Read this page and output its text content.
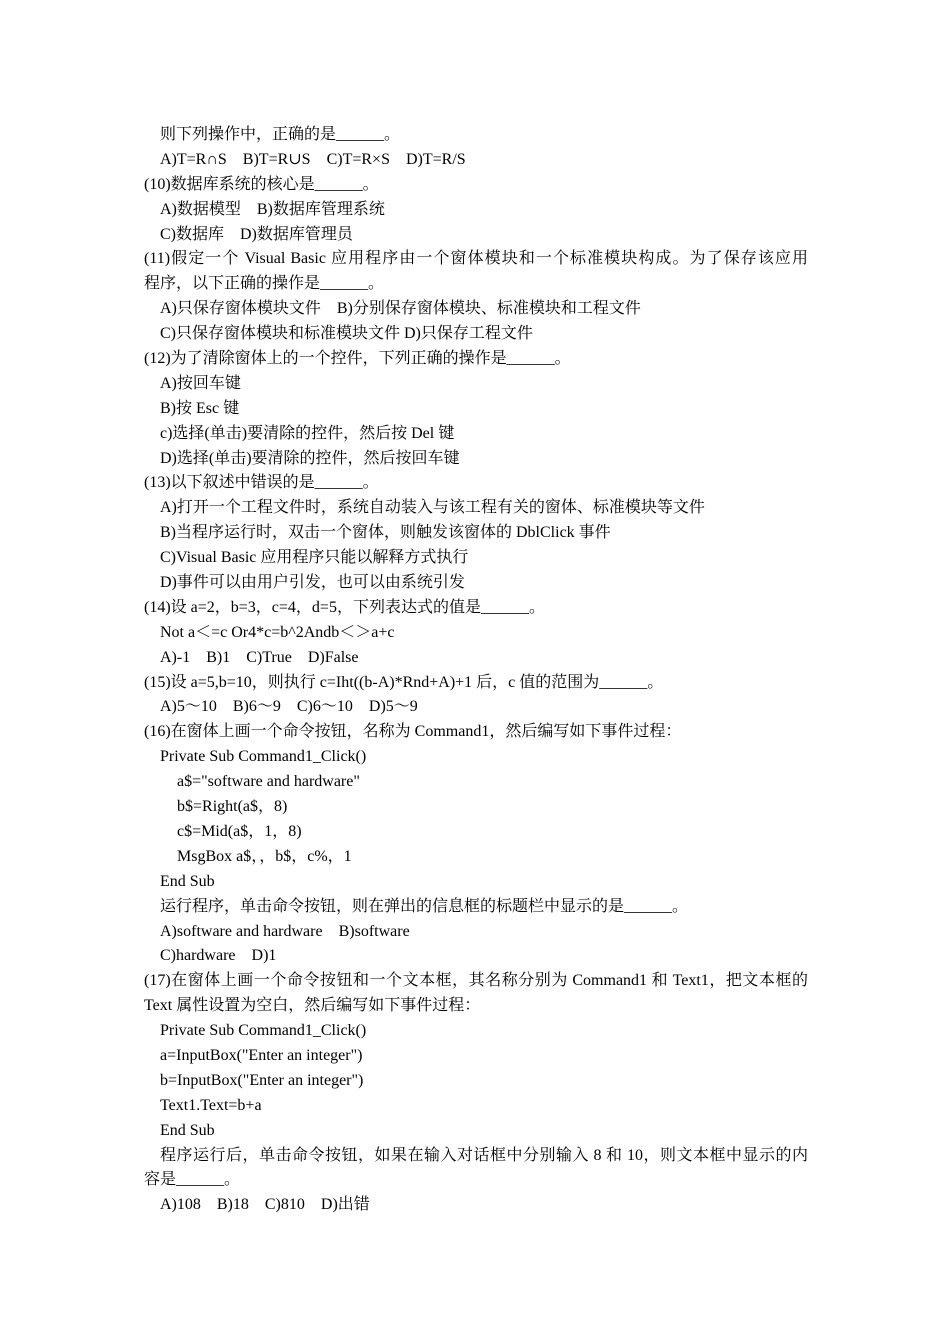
则下列操作中，正确的是______。
A)T=R∩S　B)T=R∪S　C)T=R×S　D)T=R/S
(10)数据库系统的核心是______。
A)数据模型　B)数据库管理系统
C)数据库　D)数据库管理员
(11)假定一个 Visual Basic 应用程序由一个窗体模块和一个标准模块构成。为了保存该应用
程序，以下正确的操作是______。
A)只保存窗体模块文件　B)分别保存窗体模块、标准模块和工程文件
C)只保存窗体模块和标准模块文件 D)只保存工程文件
(12)为了清除窗体上的一个控件，下列正确的操作是______。
A)按回车键
B)按 Esc 键
c)选择(单击)要清除的控件，然后按 Del 键
D)选择(单击)要清除的控件，然后按回车键
(13)以下叙述中错误的是______。
A)打开一个工程文件时，系统自动装入与该工程有关的窗体、标准模块等文件
B)当程序运行时，双击一个窗体，则触发该窗体的 DblClick 事件
C)Visual Basic 应用程序只能以解释方式执行
D)事件可以由用户引发，也可以由系统引发
(14)设 a=2，b=3，c=4，d=5，下列表达式的值是______。
Not a＜=c Or4*c=b^2Andb＜＞a+c
A)-1　B)1　C)True　D)False
(15)设 a=5,b=10，则执行 c=Iht((b-A)*Rnd+A)+1 后，c 值的范围为______。
A)5～10　B)6～9　C)6～10　D)5～9
(16)在窗体上画一个命令按钮，名称为 Command1，然后编写如下事件过程：
Private Sub Command1_Click()
a$="software and hardware"
b$=Right(a$，8)
c$=Mid(a$，1，8)
MsgBox a$，，b$，c%，1
End Sub
运行程序，单击命令按钮，则在弹出的信息框的标题栏中显示的是______。
A)software and hardware　B)software
C)hardware　D)1
(17)在窗体上画一个命令按钮和一个文本框，其名称分别为 Command1 和 Text1，把文本框的
Text 属性设置为空白，然后编写如下事件过程：
Private Sub Command1_Click()
a=InputBox("Enter an integer")
b=InputBox("Enter an integer")
Text1.Text=b+a
End Sub
程序运行后，单击命令按钮，如果在输入对话框中分别输入 8 和 10，则文本框中显示的内
容是______。
A)108　B)18　C)810　D)出错
